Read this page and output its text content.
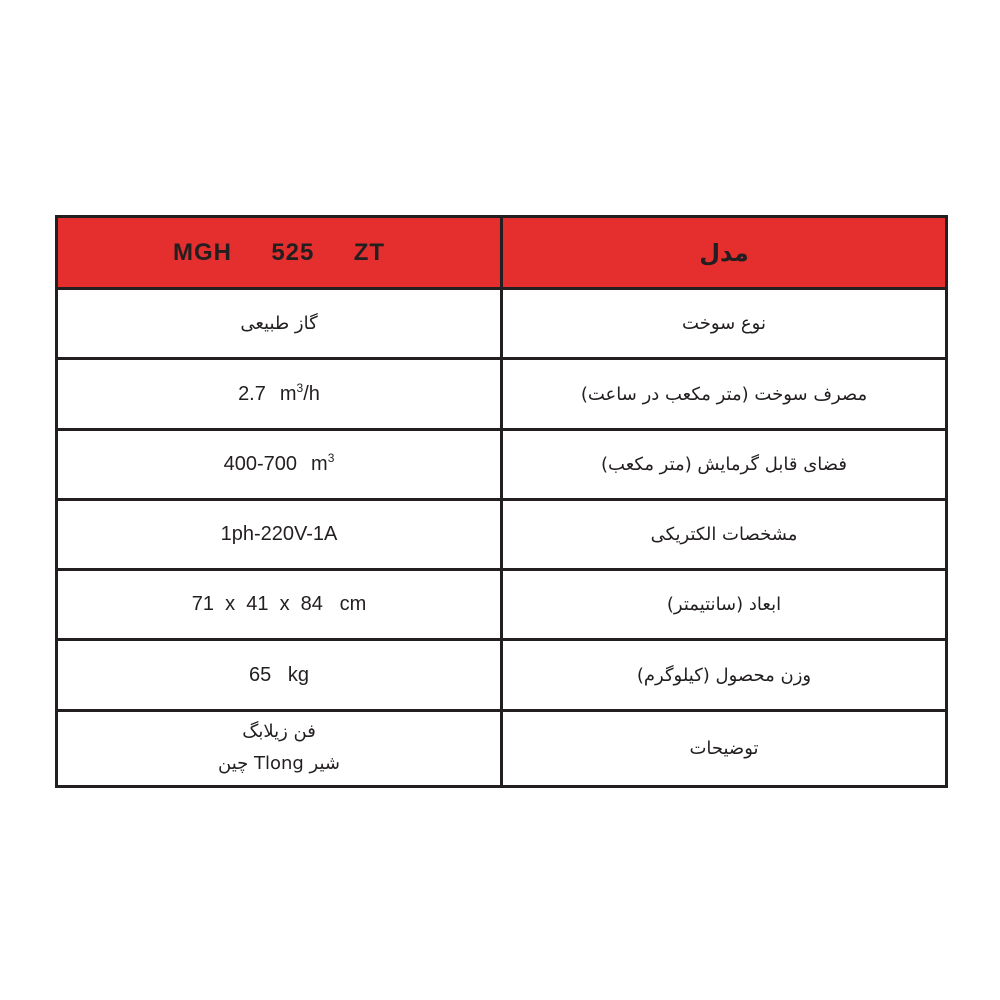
MGH  525  ZT	مدل
گاز طبیعی	نوع سوخت
2.7 $m^3/h$	مصرف سوخت (متر مکعب در ساعت)
400-700 $m^3$	فضای قابل گرمایش (متر مکعب)
1ph-220V-1A	مشخصات الکتریکی
71  x  41  x  84   cm	ابعاد (سانتیمتر)
65   kg	وزن محصول (کیلوگرم)

فن زیلابگ
شیر Tlong چین	توضیحات
